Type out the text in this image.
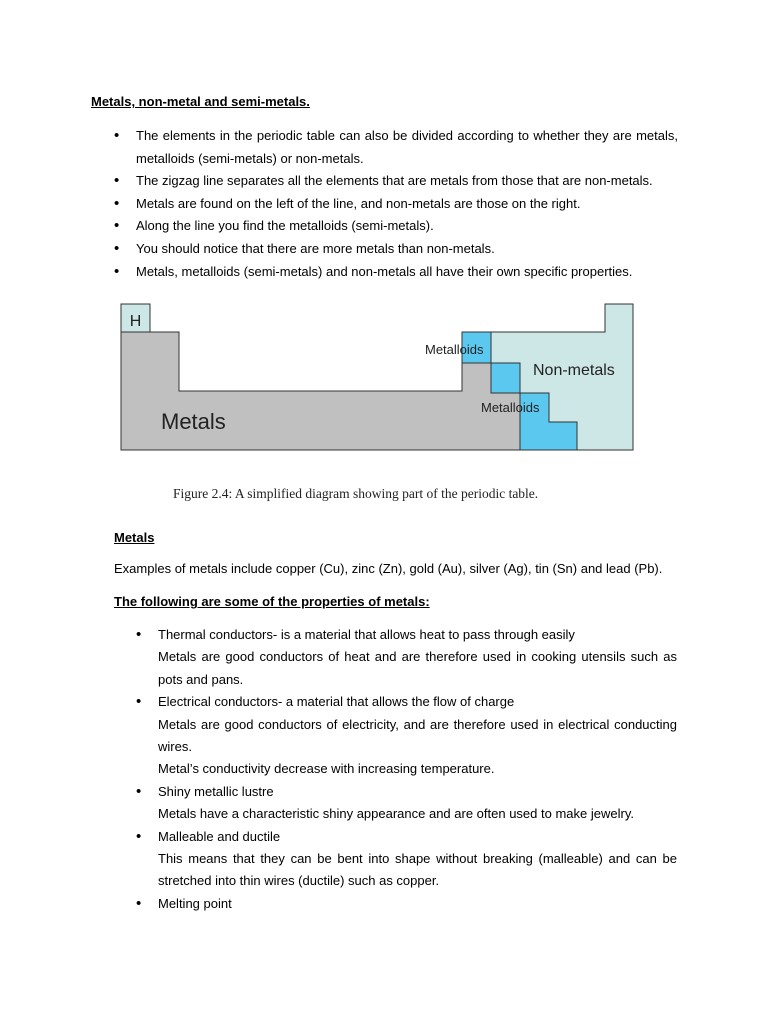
Metals, non-metal and semi-metals.
• The elements in the periodic table can also be divided according to whether they are metals, metalloids (semi-metals) or non-metals.
• The zigzag line separates all the elements that are metals from those that are non-metals.
• Metals are found on the left of the line, and non-metals are those on the right.
• Along the line you find the metalloids (semi-metals).
• You should notice that there are more metals than non-metals.
• Metals, metalloids (semi-metals) and non-metals all have their own specific properties.
H
Metals
Metalloids
Non-metals
Metalloids
Figure 2.4: A simplified diagram showing part of the periodic table.
Metals
Examples of metals include copper (Cu), zinc (Zn), gold (Au), silver (Ag), tin (Sn) and lead (Pb).
The following are some of the properties of metals:
• Thermal conductors- is a material that allows heat to pass through easily
Metals are good conductors of heat and are therefore used in cooking utensils such as pots and pans.
• Electrical conductors- a material that allows the flow of charge
Metals are good conductors of electricity, and are therefore used in electrical conducting wires.
Metal’s conductivity decrease with increasing temperature.
• Shiny metallic lustre
Metals have a characteristic shiny appearance and are often used to make jewelry.
• Malleable and ductile
This means that they can be bent into shape without breaking (malleable) and can be stretched into thin wires (ductile) such as copper.
• Melting point
